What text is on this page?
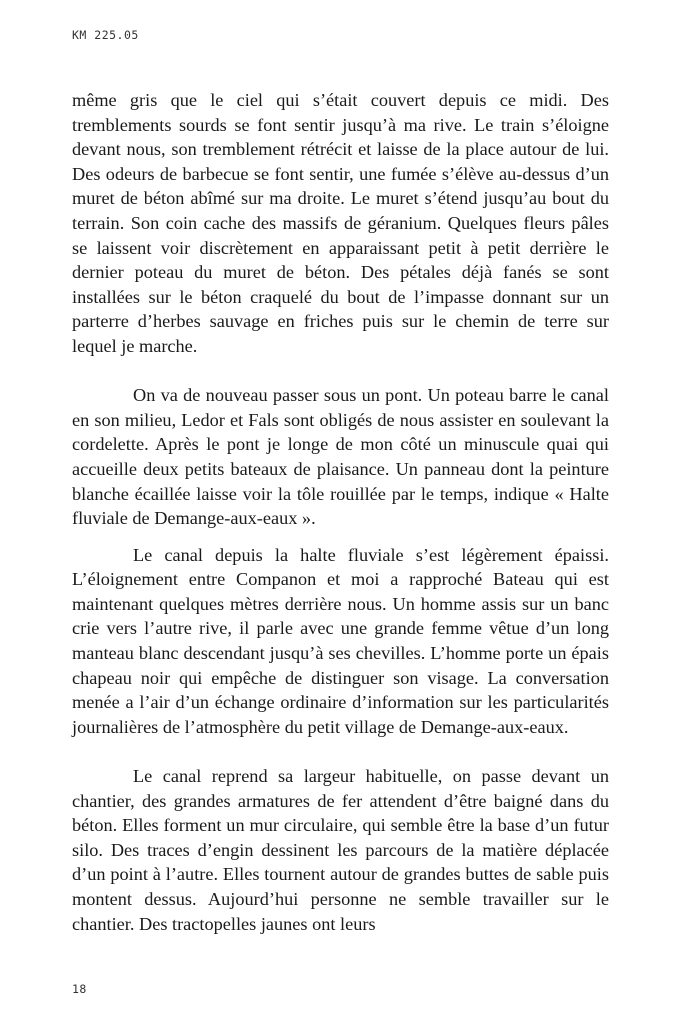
KM 225.05

même gris que le ciel qui s’était couvert depuis ce midi. Des tremblements sourds se font sentir jusqu’à ma rive. Le train s’éloigne devant nous, son tremblement rétrécit et laisse de la place autour de lui. Des odeurs de barbecue se font sentir, une fumée s’élève au-dessus d’un muret de béton abîmé sur ma droite. Le muret s’étend jusqu’au bout du terrain. Son coin cache des massifs de géranium. Quelques fleurs pâles se laissent voir discrètement en apparaissant petit à petit derrière le dernier poteau du muret de béton. Des pétales déjà fanés se sont installées sur le béton craquelé du bout de l’impasse donnant sur un parterre d’herbes sauvage en friches puis sur le chemin de terre sur lequel je marche.

On va de nouveau passer sous un pont. Un poteau barre le canal en son milieu, Ledor et Fals sont obligés de nous assister en soulevant la cordelette. Après le pont je longe de mon côté un minuscule quai qui accueille deux petits bateaux de plaisance. Un panneau dont la peinture blanche écaillée laisse voir la tôle rouillée par le temps, indique « Halte fluviale de Demange-aux-eaux ».

Le canal depuis la halte fluviale s’est légèrement épaissi. L’éloignement entre Companon et moi a rapproché Bateau qui est maintenant quelques mètres derrière nous. Un homme assis sur un banc crie vers l’autre rive, il parle avec une grande femme vêtue d’un long manteau blanc descendant jusqu’à ses chevilles. L’homme porte un épais chapeau noir qui empêche de distinguer son visage. La conversation menée a l’air d’un échange ordinaire d’information sur les particularités journalières de l’atmosphère du petit village de Demange-aux-eaux.

Le canal reprend sa largeur habituelle, on passe devant un chantier, des grandes armatures de fer attendent d’être baigné dans du béton. Elles forment un mur circulaire, qui semble être la base d’un futur silo. Des traces d’engin dessinent les parcours de la matière déplacée d’un point à l’autre. Elles tournent autour de grandes buttes de sable puis montent dessus. Aujourd’hui personne ne semble travailler sur le chantier. Des tractopelles jaunes ont leurs

18
